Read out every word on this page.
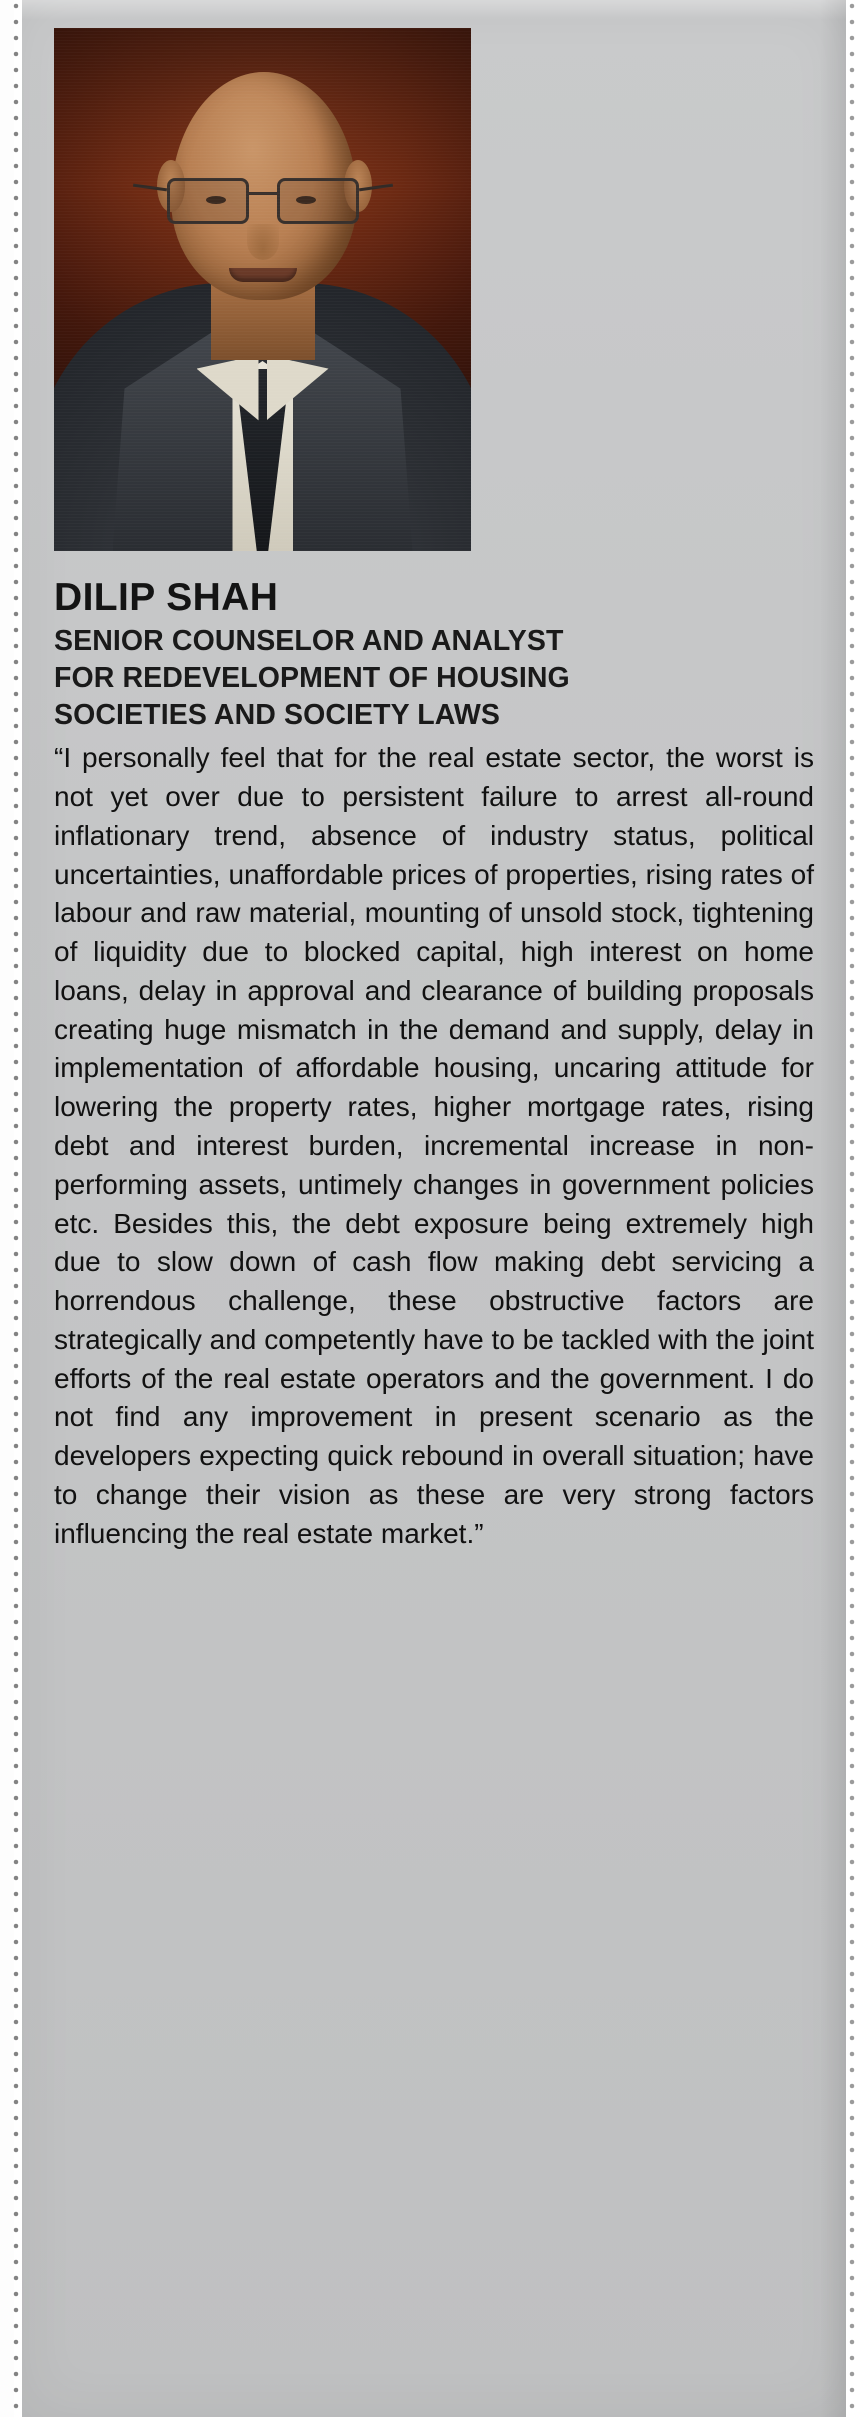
DILIP SHAH
SENIOR COUNSELOR AND ANALYST
FOR REDEVELOPMENT OF HOUSING
SOCIETIES AND SOCIETY LAWS

“I personally feel that for the real estate sector, the worst is not yet over due to persistent failure to arrest all-round inflationary trend, absence of industry status, political uncertainties, unaffordable prices of properties, rising rates of labour and raw material, mounting of unsold stock, tightening of liquidity due to blocked capital, high interest on home loans, delay in approval and clearance of building proposals creating huge mismatch in the demand and supply, delay in implementation of affordable housing, uncaring attitude for lowering the property rates, higher mortgage rates, rising debt and interest burden, incremental increase in non-performing assets, untimely changes in government policies etc. Besides this, the debt exposure being extremely high due to slow down of cash flow making debt servicing a horrendous challenge, these obstructive factors are strategically and competently have to be tackled with the joint efforts of the real estate operators and the government. I do not find any improvement in present scenario as the developers expecting quick rebound in overall situation; have to change their vision as these are very strong factors influencing the real estate market.”
